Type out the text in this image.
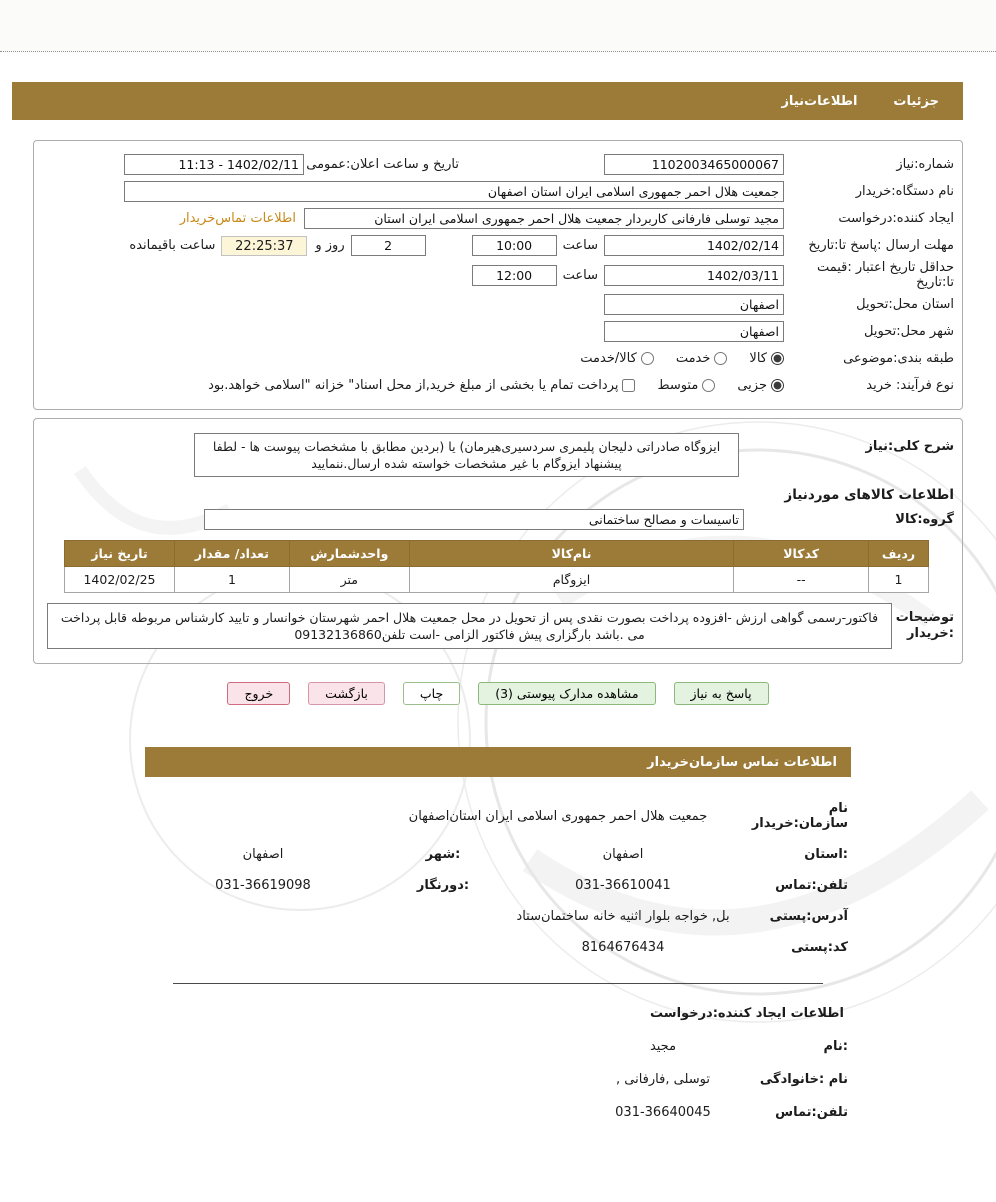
جزئیات
اطلاعات‌نیاز
شماره:نیاز
1102003465000067
تاریخ و ساعت اعلان:عمومی
1402/02/11 - 11:13
نام دستگاه:خریدار
جمعیت هلال احمر جمهوری اسلامی ایران استان اصفهان
ایجاد کننده:درخواست
مجید توسلی فارفانی کاربردار جمعیت هلال احمر جمهوری اسلامی ایران استان
اطلاعات تماس‌خریدار
مهلت ارسال :پاسخ تا:تاریخ
1402/02/14
ساعت
10:00
2
روز و
22:25:37
ساعت باقیمانده
حداقل تاریخ اعتبار :قیمت
تا:تاریخ
1402/03/11
ساعت
12:00
استان محل:تحویل
اصفهان
شهر محل:تحویل
اصفهان
طبقه بندی:موضوعی
کالا
خدمت
کالا/خدمت
نوع فرآیند: خرید
جزیی
متوسط
پرداخت تمام یا بخشی از مبلغ خرید,از محل اسناد" خزانه "اسلامی خواهد.بود
شرح کلی:نیاز
ایزوگاه صادراتی دلیجان پلیمری سردسیری‌هیرمان) یا (بردین مطابق با مشخصات پیوست ها - لطفا پیشنهاد ایزوگام با غیر مشخصات خواسته شده ارسال.ننمایید
اطلاعات کالاهای موردنیاز
گروه:کالا
تاسیسات و مصالح ساختمانی
ردیف	کدکالا	نام‌کالا	واحدشمارش	تعداد/ مقدار	تاریخ نیاز
1	--	ایزوگام	متر	1	1402/02/25
توضیحات
:خریدار
فاکتور-رسمی گواهی ارزش -افزوده پرداخت بصورت نقدی پس از تحویل در محل جمعیت هلال احمر شهرستان خوانسار و تایید کارشناس مربوطه قابل پرداخت می .باشد بارگزاری پیش فاکتور الزامی -است تلفن09132136860
پاسخ به نیاز
مشاهده مدارک پیوستی (3)
چاپ
بازگشت
خروج
اطلاعات تماس سازمان‌خریدار
نام سازمان:خریدار
جمعیت هلال احمر جمهوری اسلامی ایران استان‌اصفهان
:استان
اصفهان
:شهر
اصفهان
تلفن:تماس
031-36610041
:دورنگار
031-36619098
آدرس:پستی
بل, خواجه بلوار اثنیه خانه ساختمان‌ستاد
کد:پستی
8164676434
اطلاعات ایجاد کننده:درخواست
:نام
مجید
نام :خانوادگی
توسلی ,فارفانی ,
تلفن:تماس
031-36640045
